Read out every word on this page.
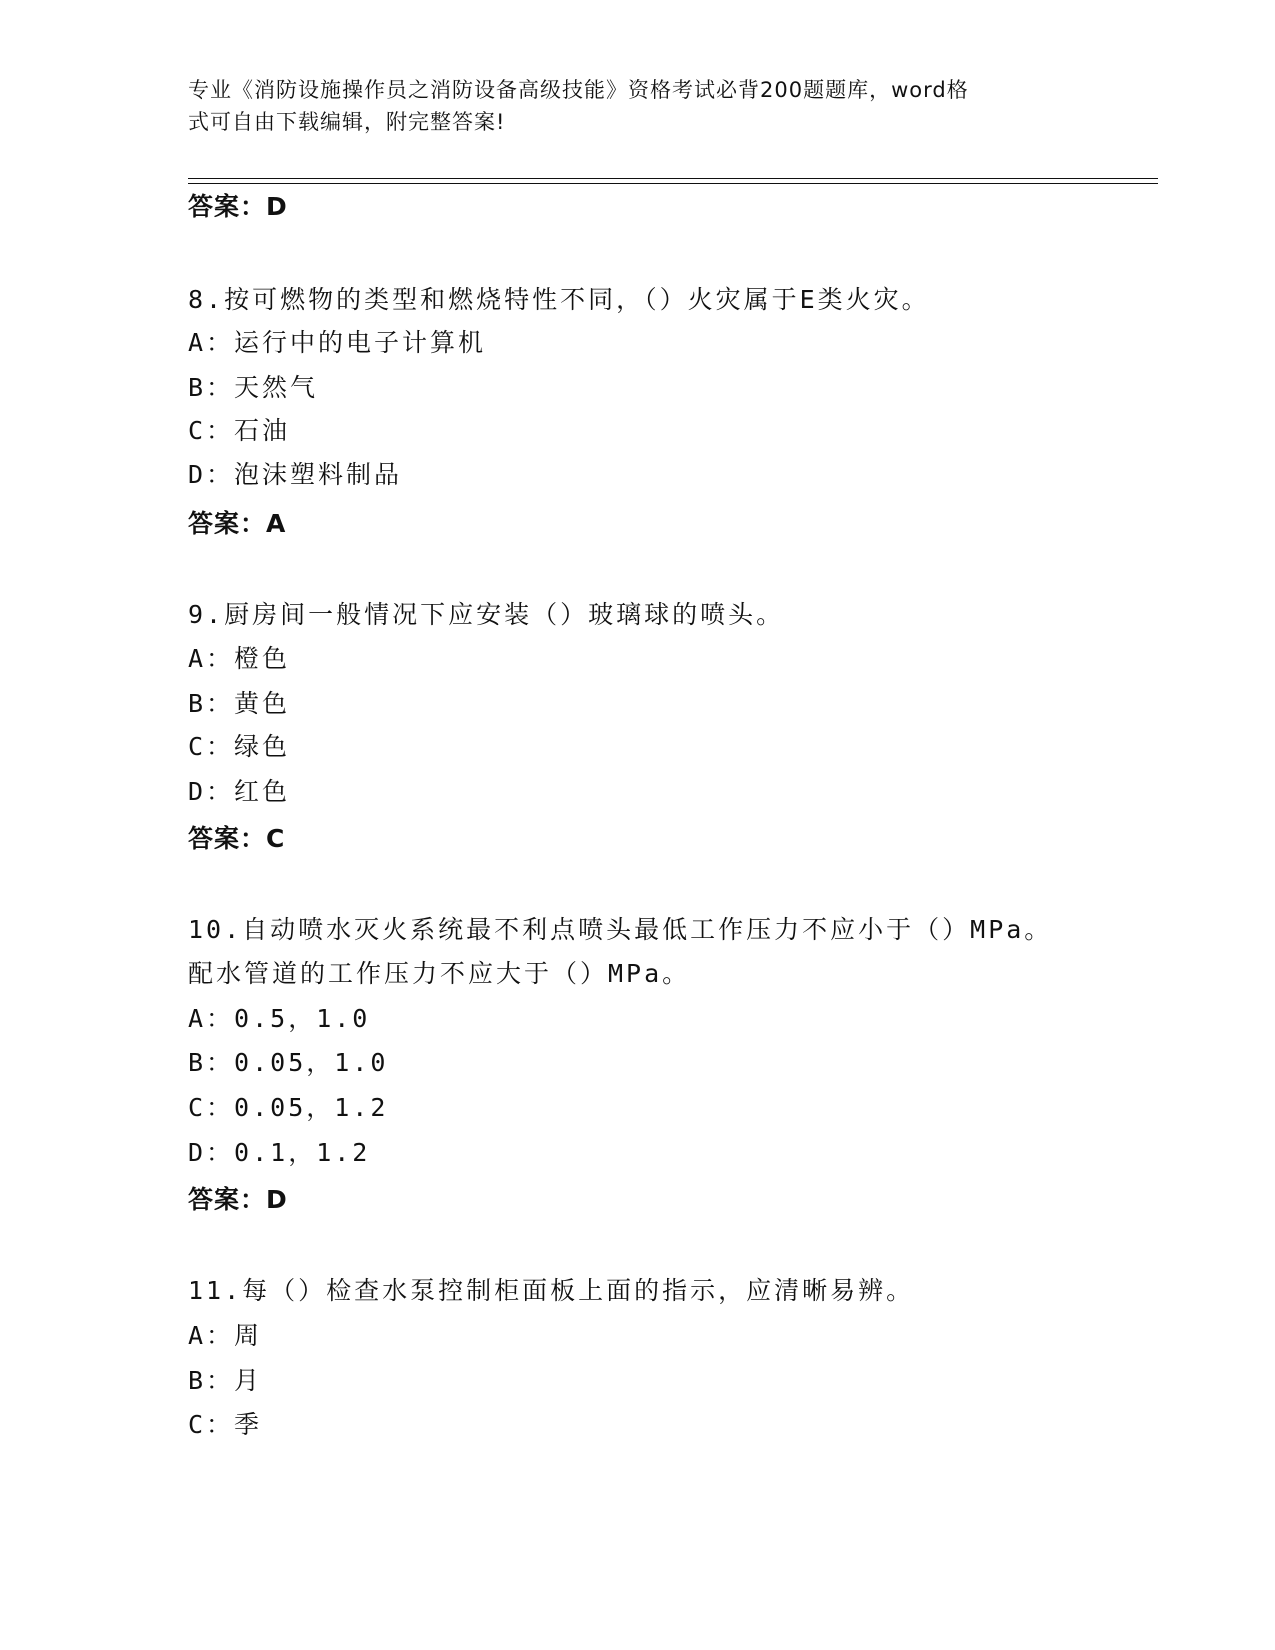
专业《消防设施操作员之消防设备高级技能》资格考试必背200题题库，word格
式可自由下载编辑，附完整答案!
答案：D
8.按可燃物的类型和燃烧特性不同，（）火灾属于E类火灾。
A：运行中的电子计算机
B：天然气
C：石油
D：泡沫塑料制品
答案：A
9.厨房间一般情况下应安装（）玻璃球的喷头。
A：橙色
B：黄色
C：绿色
D：红色
答案：C
10.自动喷水灭火系统最不利点喷头最低工作压力不应小于（）MPa。
配水管道的工作压力不应大于（）MPa。
A：0.5，1.0
B：0.05，1.0
C：0.05，1.2
D：0.1，1.2
答案：D
11.每（）检查水泵控制柜面板上面的指示，应清晰易辨。
A：周
B：月
C：季
